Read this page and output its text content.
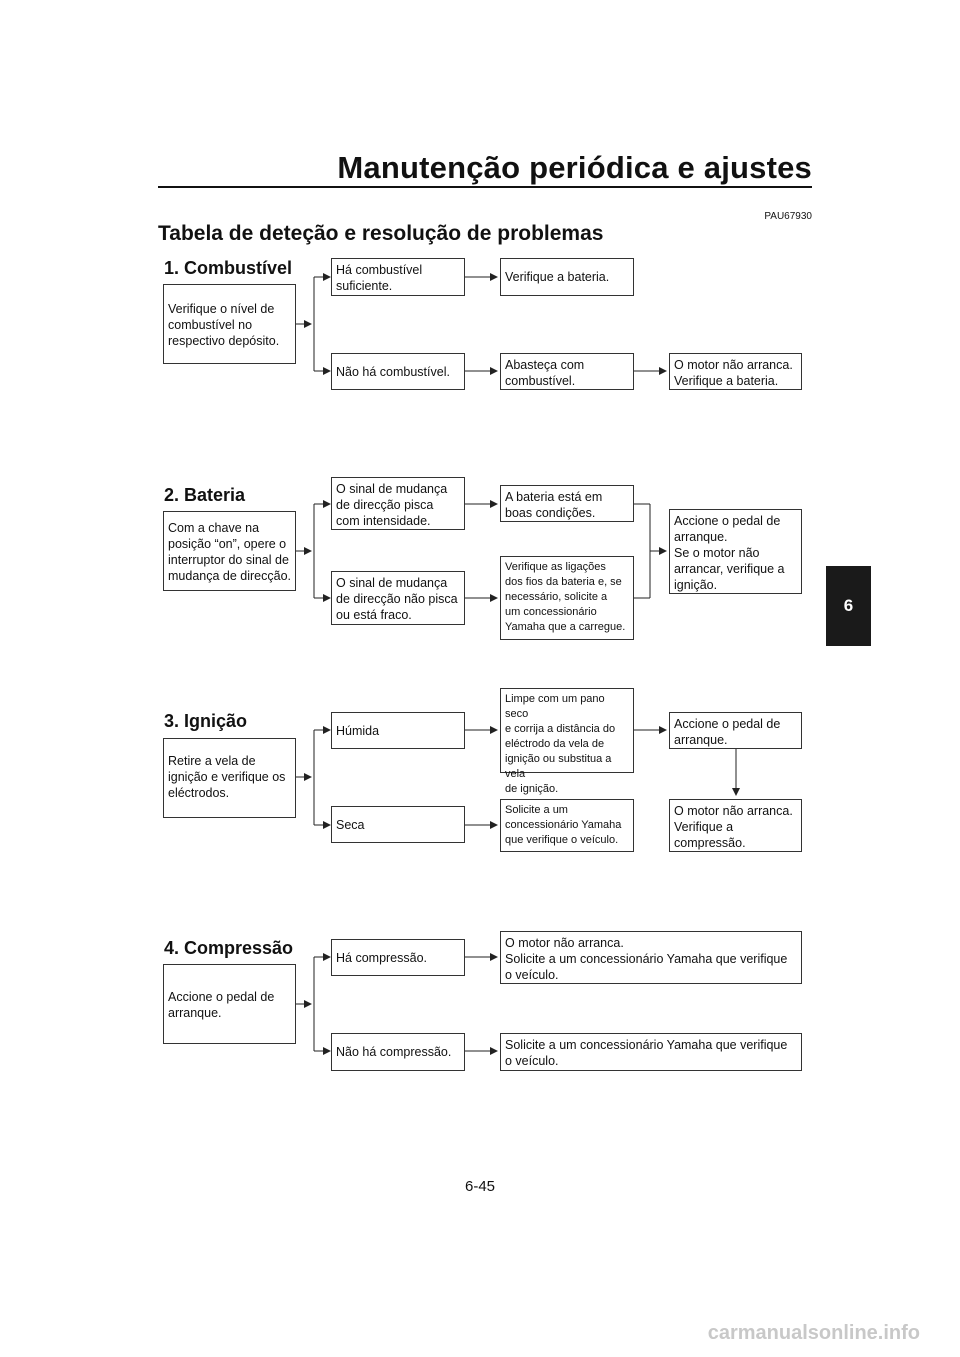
Manutenção periódica e ajustes
PAU67930
Tabela de deteção e resolução de problemas
6
1. Combustível
Verifique o nível de
combustível no
respectivo depósito.
Há combustível
suficiente.
Verifique a bateria.
Não há combustível.	Abasteça com
combustível.
O motor não arranca.
Verifique a bateria.
2. Bateria
Com a chave na
posição “on”, opere o
interruptor do sinal de
mudança de direcção.
O sinal de mudança
de direcção pisca
com intensidade.
A bateria está em
boas condições.
O sinal de mudança
de direcção não pisca
ou está fraco.
Verifique as ligações
dos fios da bateria e, se
necessário, solicite a
um concessionário
Yamaha que a carregue.
Accione o pedal de
arranque.
Se o motor não
arrancar, verifique a
ignição.
3. Ignição
Retire a vela de
ignição e verifique os
eléctrodos.
Húmida
Limpe com um pano seco
e corrija a distância do
eléctrodo da vela de
ignição ou substitua a vela
de ignição.
Accione o pedal de
arranque.
Seca
Solicite a um
concessionário Yamaha
que verifique o veículo.
O motor não arranca.
Verifique a
compressão.
4. Compressão
Accione o pedal de
arranque.
Há compressão.
O motor não arranca.
Solicite a um concessionário Yamaha que verifique
o veículo.
Não há compressão.	Solicite a um concessionário Yamaha que verifique
o veículo.
6-45
carmanualsonline.info
